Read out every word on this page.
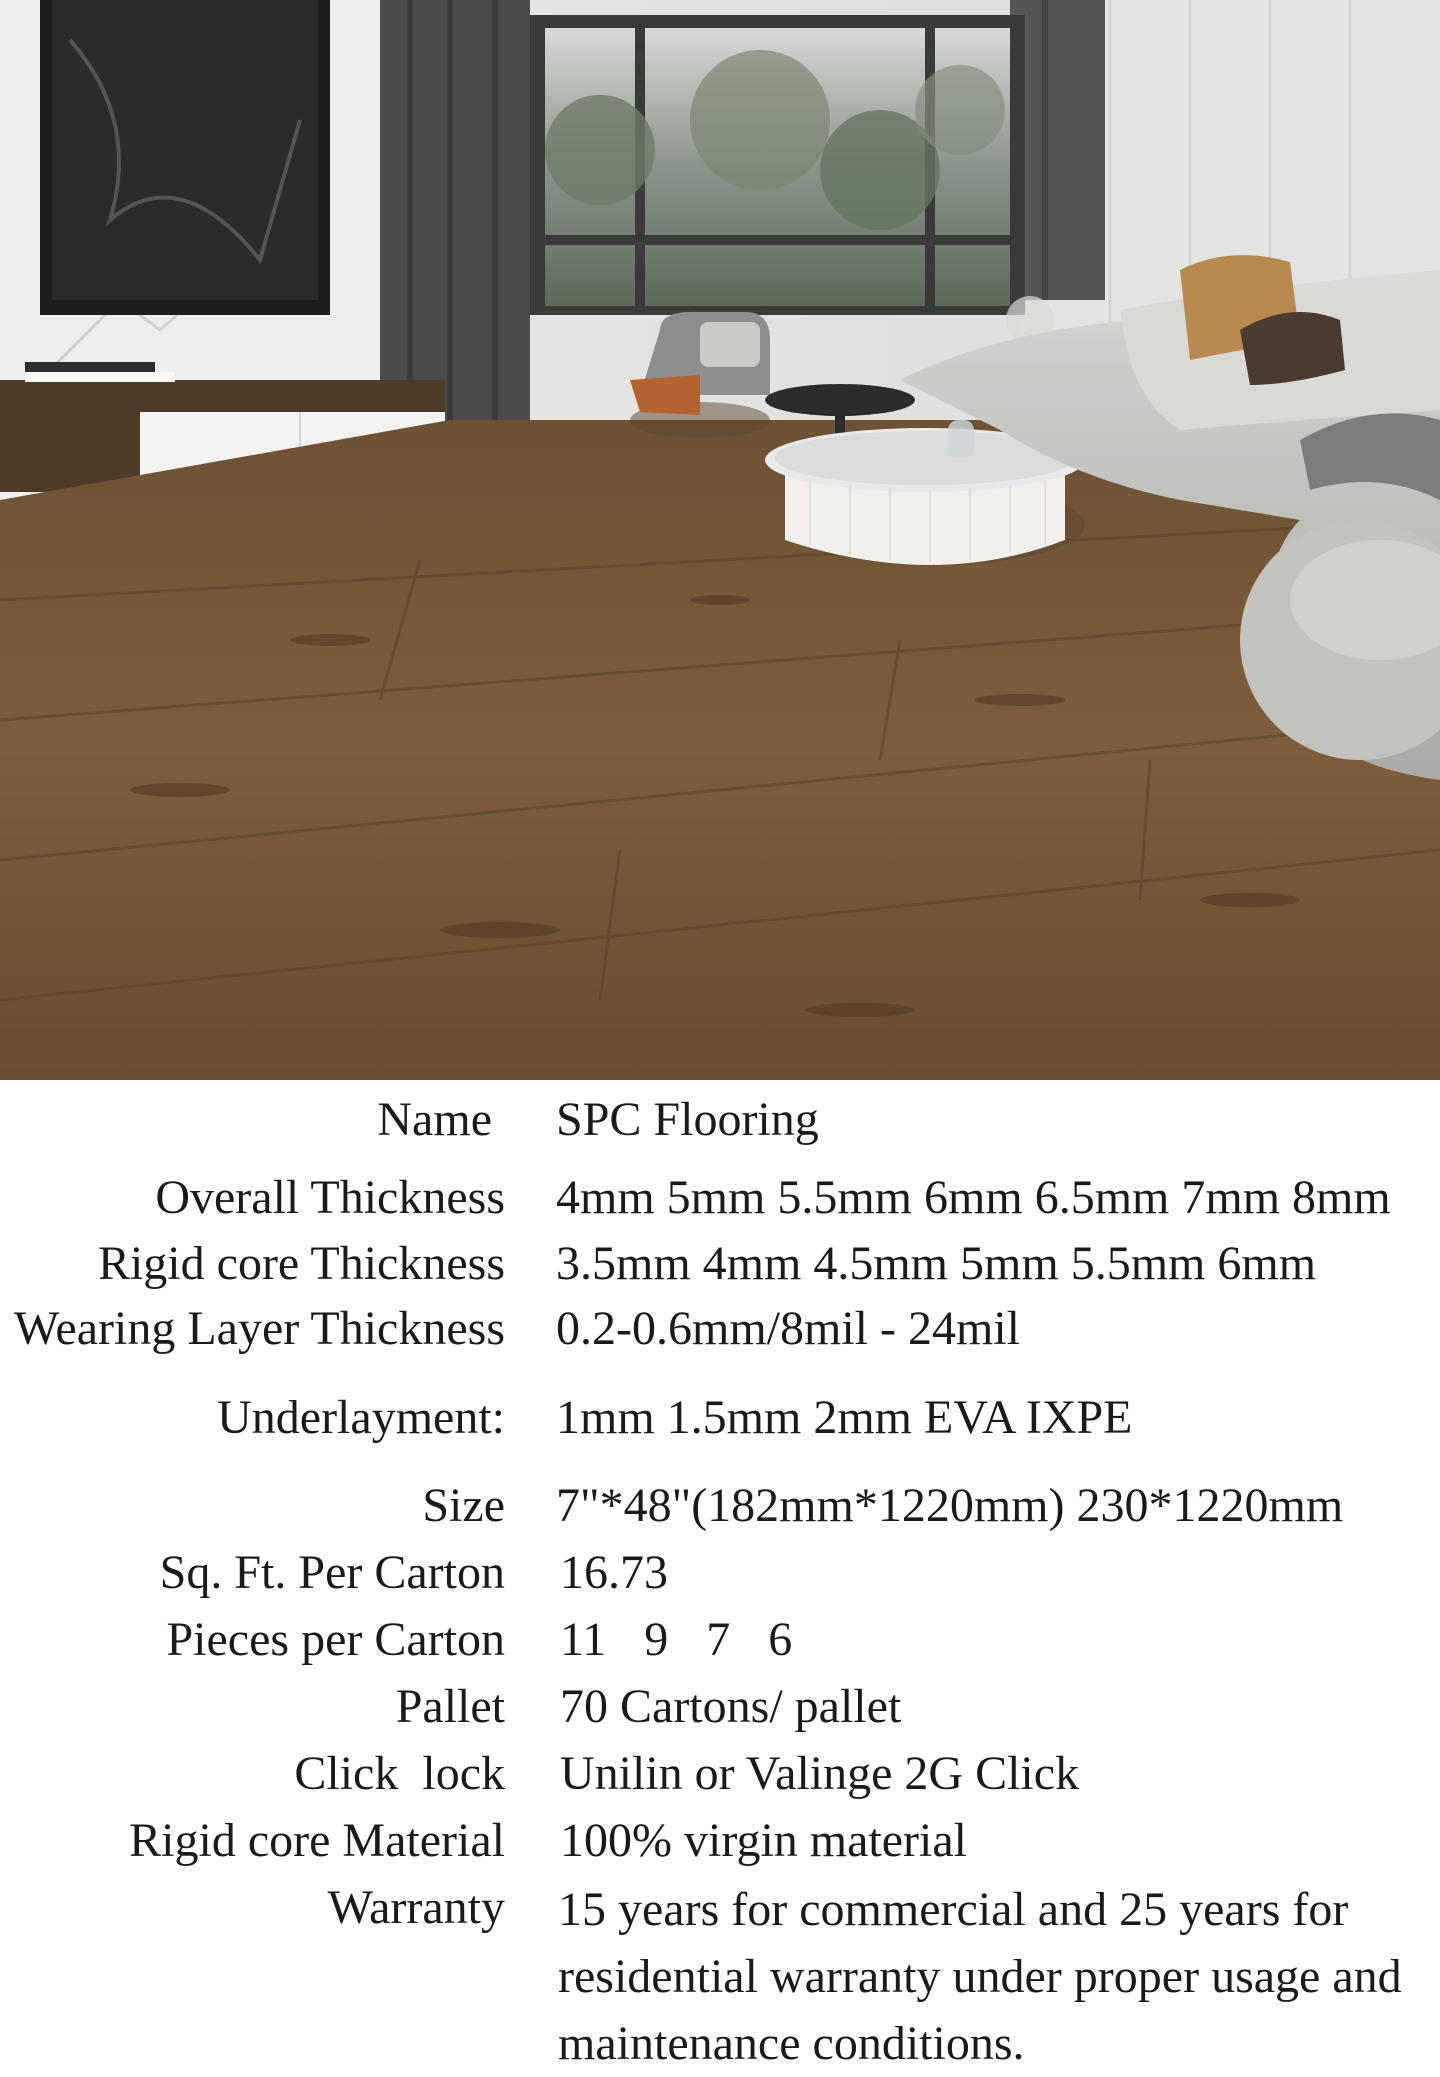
Name SPC Flooring
Overall Thickness 4mm 5mm 5.5mm 6mm 6.5mm 7mm 8mm
Rigid core Thickness 3.5mm 4mm 4.5mm 5mm 5.5mm 6mm
Wearing Layer Thickness 0.2-0.6mm/8mil - 24mil
Underlayment: 1mm 1.5mm 2mm EVA IXPE
Size 7"*48"(182mm*1220mm) 230*1220mm
Sq. Ft. Per Carton 16.73
Pieces per Carton 11 9 7 6
Pallet 70 Cartons/ pallet
Click  lock Unilin or Valinge 2G Click
Rigid core Material 100% virgin material
Warranty 15 years for commercial and 25 years for residential warranty under proper usage and maintenance conditions.
